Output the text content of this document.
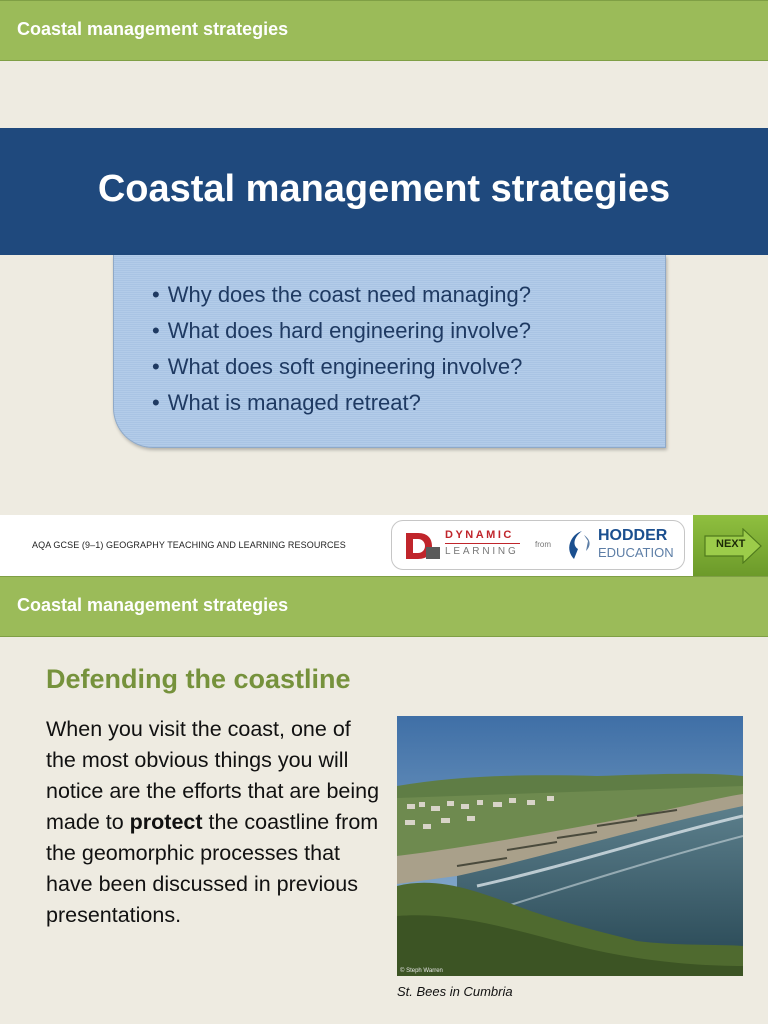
Coastal management strategies
Coastal management strategies
• Why does the coast need managing?
• What does hard engineering involve?
• What does soft engineering involve?
• What is managed retreat?
AQA GCSE (9–1) GEOGRAPHY TEACHING AND LEARNING RESOURCES
DYNAMIC
LEARNING
from
HODDER
EDUCATION
NEXT
Coastal management strategies
Defending the coastline

When you visit the coast, one of the most obvious things you will notice are the efforts that are being made to protect the coastline from the geomorphic processes that have been discussed in previous presentations.

© Steph Warren
St. Bees in Cumbria
